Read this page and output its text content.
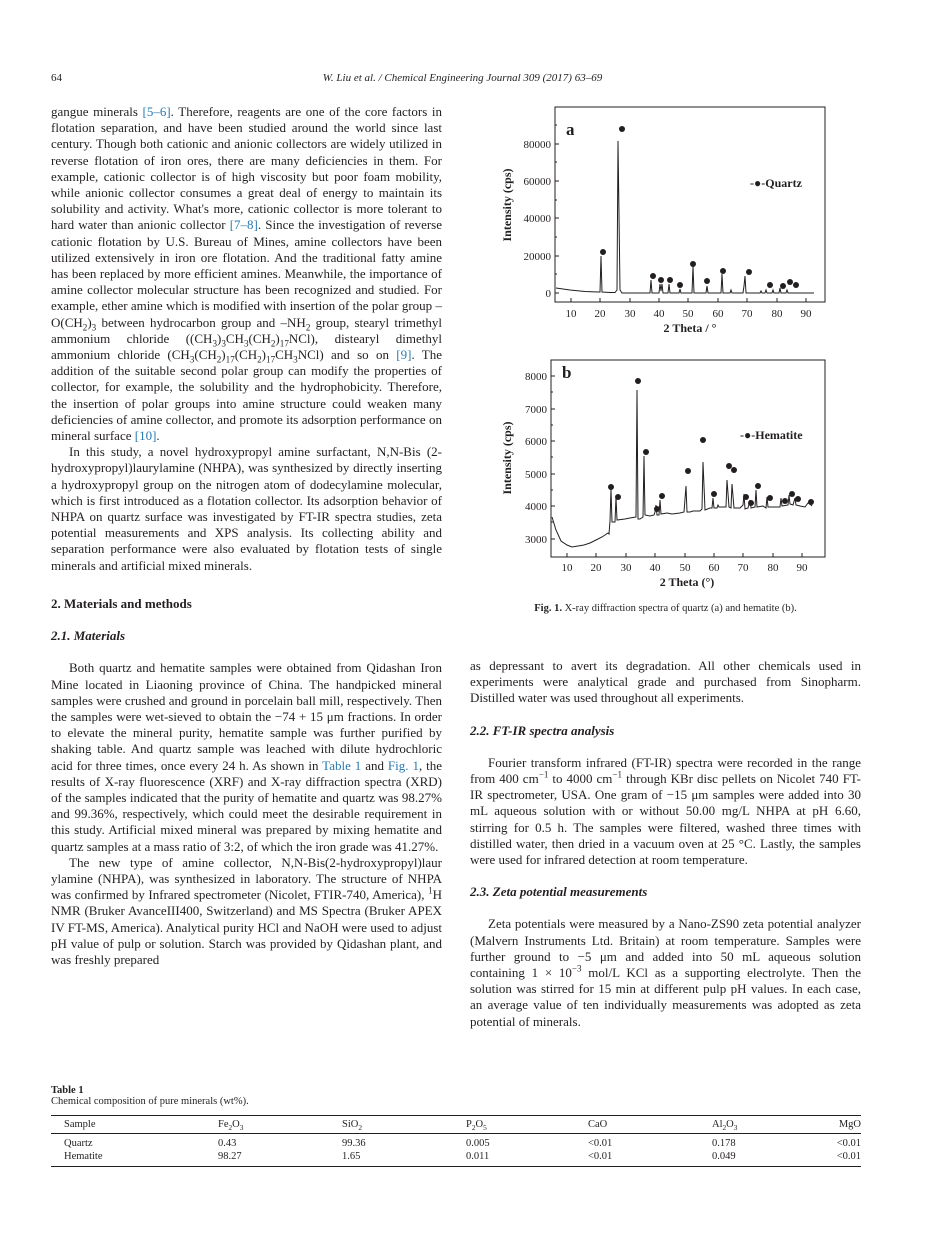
64	W. Liu et al. / Chemical Engineering Journal 309 (2017) 63–69

gangue minerals [5–6]. Therefore, reagents are one of the core factors in flotation separation, and have been studied around the world since last century. Though both cationic and anionic collectors are widely utilized in reverse flotation of iron ores, there are many deficiencies in them. For example, cationic collector is of high viscosity but poor foam mobility, while anionic collector consumes a great deal of energy to maintain its solubility and activity. What's more, cationic collector is more tolerant to hard water than anionic collector [7–8]. Since the investigation of reverse cationic flotation by U.S. Bureau of Mines, amine collectors have been utilized extensively in iron ore flotation. And the traditional fatty amine has been replaced by more efficient amines. Meanwhile, the importance of amine collector molecular structure has been recognized and studied. For example, ether amine which is modified with insertion of the polar group $-O(CH_2)_3$ between hydrocarbon group and $-NH_2$ group, stearyl trimethyl ammonium chloride $((CH_3)_3CH_3(CH_2)_{17}NCl)$, distearyl dimethyl ammonium chloride $(CH_3(CH_2)_{17}(CH_2)_{17}CH_3NCl)$ and so on [9]. The addition of the suitable second polar group can modify the properties of collector, for example, the solubility and the hydrophobicity. Therefore, the insertion of polar groups into amine structure could weaken many deficiencies of amine collector, and promote its adsorption performance on mineral surface [10].

In this study, a novel hydroxypropyl amine surfactant, N,N-Bis (2-hydroxypropyl)laurylamine (NHPA), was synthesized by directly inserting a hydroxypropyl group on the nitrogen atom of dodecylamine molecular, which is first introduced as a flotation collector. Its adsorption behavior of NHPA on quartz surface was investigated by FT-IR spectra studies, zeta potential measurements and XPS analysis. Its collecting ability and separation performance were also evaluated by flotation tests of single minerals and artificial mixed minerals.

2. Materials and methods
2.1. Materials

Both quartz and hematite samples were obtained from Qidashan Iron Mine located in Liaoning province of China. The handpicked mineral samples were crushed and ground in porcelain ball mill, respectively. Then the samples were wet-sieved to obtain the −74 + 15 μm fractions. In order to elevate the mineral purity, hematite sample was further purified by shaking table. And quartz sample was leached with dilute hydrochloric acid for three times, once every 24 h. As shown in Table 1 and Fig. 1, the results of X-ray fluorescence (XRF) and X-ray diffraction spectra (XRD) of the samples indicated that the purity of hematite and quartz was 98.27% and 99.36%, respectively, which could meet the desirable requirement in this study. Artificial mixed mineral was prepared by mixing hematite and quartz samples at a mass ratio of 3:2, of which the iron grade was 41.27%.

The new type of amine collector, N,N-Bis(2-hydroxypropyl)laur ylamine (NHPA), was synthesized in laboratory. The structure of NHPA was confirmed by Infrared spectrometer (Nicolet, FTIR-740, America), $^1$H NMR (Bruker AvanceIII400, Switzerland) and MS Spectra (Bruker APEX IV FT-MS, America). Analytical purity HCl and NaOH were used to adjust pH value of pulp or solution. Starch was provided by Qidashan plant, and was freshly prepared

0
20000
40000
60000
80000
10 20 30 40 50 60 70 80 90
2 Theta / °
Intensity (cps)
a
-●-Quartz
3000
4000
5000
6000
7000
8000
10 20 30 40 50 60 70 80 90
2 Theta (°)
Intensity (cps)
b
-●-Hematite
Fig. 1. X-ray diffraction spectra of quartz (a) and hematite (b).

as depressant to avert its degradation. All other chemicals used in experiments were analytical grade and purchased from Sinopharm. Distilled water was used throughout all experiments.

2.2. FT-IR spectra analysis

Fourier transform infrared (FT-IR) spectra were recorded in the range from 400 $cm^{-1}$ to 4000 $cm^{-1}$ through KBr disc pellets on Nicolet 740 FT-IR spectrometer, USA. One gram of −15 μm samples were added into 30 mL aqueous solution with or without 50.00 mg/L NHPA at pH 6.60, stirring for 0.5 h. The samples were filtered, washed three times with distilled water, then dried in a vacuum oven at 25 °C. Lastly, the samples were used for infrared detection at room temperature.

2.3. Zeta potential measurements

Zeta potentials were measured by a Nano-ZS90 zeta potential analyzer (Malvern Instruments Ltd. Britain) at room temperature. Samples were further ground to −5 μm and added into 50 mL aqueous solution containing $1 \times 10^{-3}$ mol/L KCl as a supporting electrolyte. Then the solution was stirred for 15 min at different pulp pH values. In each case, an average value of ten individually measurements was adopted as zeta potential of minerals.

Table 1
Chemical composition of pure minerals (wt%).
Sample	$Fe_2O_3$	SiO$_2$	$P_2O_5$	CaO	$Al_2O_3$	MgO
Quartz	0.43	99.36	0.005	<0.01	0.178	<0.01
Hematite	98.27	1.65	0.011	<0.01	0.049	<0.01
